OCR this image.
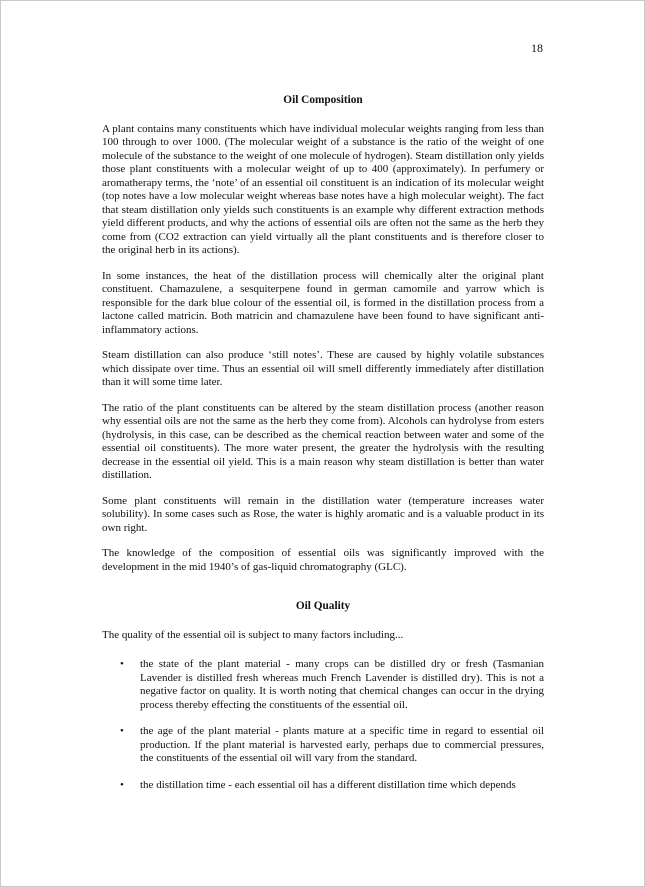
18
Oil Composition

A plant contains many constituents which have individual molecular weights ranging from less than 100 through to over 1000. (The molecular weight of a substance is the ratio of the weight of one molecule of the substance to the weight of one molecule of hydrogen). Steam distillation only yields those plant constituents with a molecular weight of up to 400 (approximately). In perfumery or aromatherapy terms, the ‘note’ of an essential oil constituent is an indication of its molecular weight (top notes have a low molecular weight whereas base notes have a high molecular weight). The fact that steam distillation only yields such constituents is an example why different extraction methods yield different products, and why the actions of essential oils are often not the same as the herb they come from (CO2 extraction can yield virtually all the plant constituents and is therefore closer to the original herb in its actions).

In some instances, the heat of the distillation process will chemically alter the original plant constituent. Chamazulene, a sesquiterpene found in german camomile and yarrow which is responsible for the dark blue colour of the essential oil, is formed in the distillation process from a lactone called matricin. Both matricin and chamazulene have been found to have significant anti-inflammatory actions.

Steam distillation can also produce ‘still notes’. These are caused by highly volatile substances which dissipate over time. Thus an essential oil will smell differently immediately after distillation than it will some time later.

The ratio of the plant constituents can be altered by the steam distillation process (another reason why essential oils are not the same as the herb they come from). Alcohols can hydrolyse from esters (hydrolysis, in this case, can be described as the chemical reaction between water and some of the essential oil constituents). The more water present, the greater the hydrolysis with the resulting decrease in the essential oil yield. This is a main reason why steam distillation is better than water distillation.

Some plant constituents will remain in the distillation water (temperature increases water solubility). In some cases such as Rose, the water is highly aromatic and is a valuable product in its own right.

The knowledge of the composition of essential oils was significantly improved with the development in the mid 1940’s of gas-liquid chromatography (GLC).

Oil Quality

The quality of the essential oil is subject to many factors including...

• the state of the plant material - many crops can be distilled dry or fresh (Tasmanian Lavender is distilled fresh whereas much French Lavender is distilled dry). This is not a negative factor on quality. It is worth noting that chemical changes can occur in the drying process thereby effecting the constituents of the essential oil.
• the age of the plant material - plants mature at a specific time in regard to essential oil production. If the plant material is harvested early, perhaps due to commercial pressures, the constituents of the essential oil will vary from the standard.
• the distillation time - each essential oil has a different distillation time which depends
